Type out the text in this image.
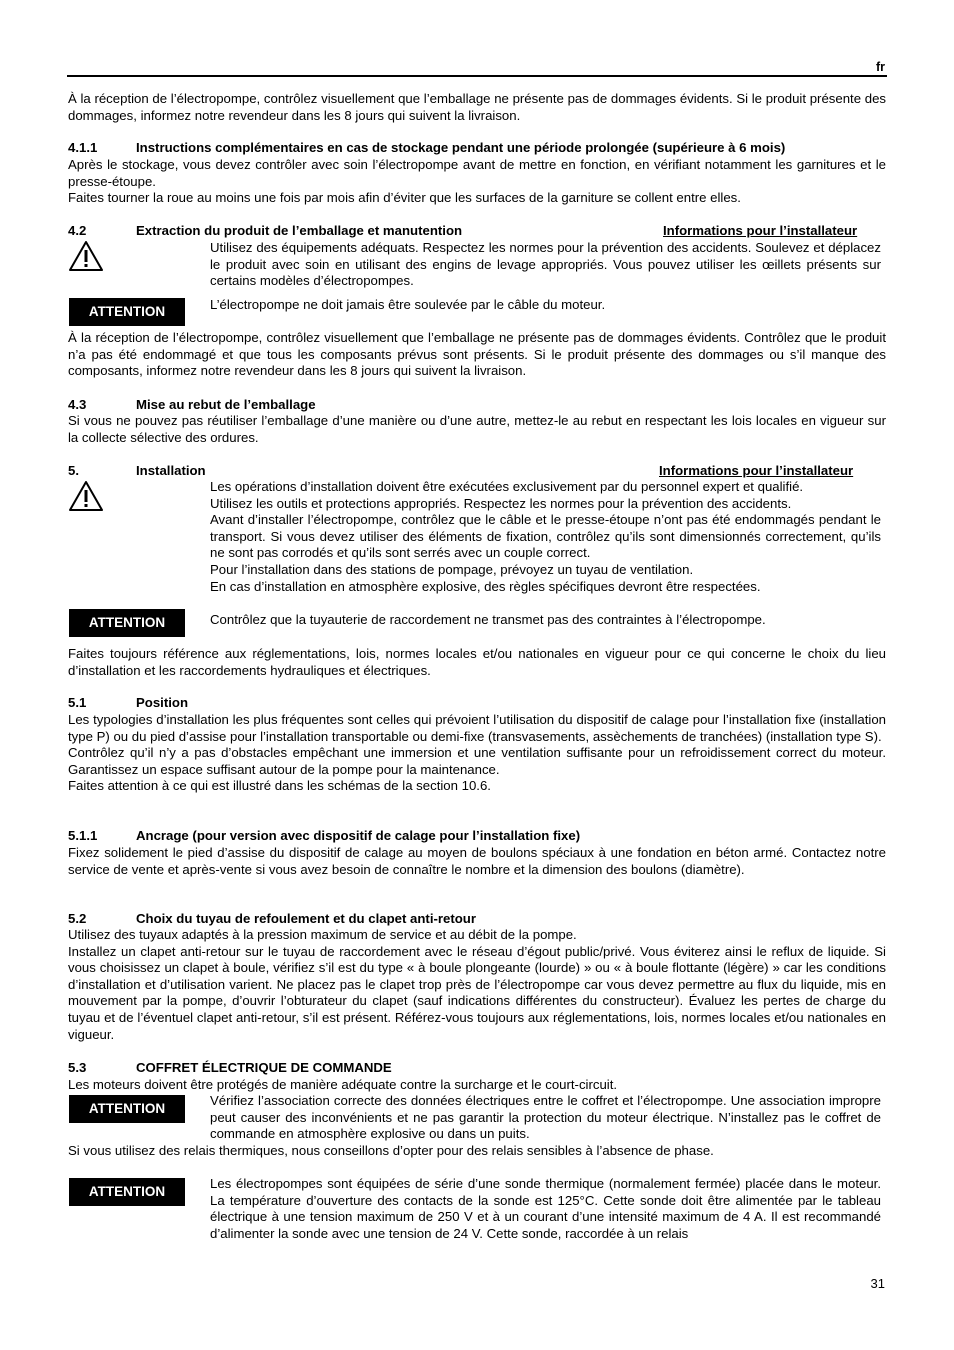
fr
À la réception de l’électropompe, contrôlez visuellement que l’emballage ne présente pas de dommages évidents. Si le produit présente des dommages, informez notre revendeur dans les 8 jours qui suivent la livraison.
4.1.1	Instructions complémentaires en cas de stockage pendant une période prolongée (supérieure à 6 mois)
Après le stockage, vous devez contrôler avec soin l’électropompe avant de mettre en fonction, en vérifiant notamment les garnitures et le presse-étoupe.
Faites tourner la roue au moins une fois par mois afin d’éviter que les surfaces de la garniture se collent entre elles.
4.2	Extraction du produit de l’emballage et manutention	Informations pour l’installateur
Utilisez des équipements adéquats. Respectez les normes pour la prévention des accidents. Soulevez et déplacez le produit avec soin en utilisant des engins de levage appropriés. Vous pouvez utiliser les œillets présents sur certains modèles d’électropompes.
ATTENTION	L’électropompe ne doit jamais être soulevée par le câble du moteur.
À la réception de l’électropompe, contrôlez visuellement que l’emballage ne présente pas de dommages évidents. Contrôlez que le produit n’a pas été endommagé et que tous les composants prévus sont présents. Si le produit présente des dommages ou s’il manque des composants, informez notre revendeur dans les 8 jours qui suivent la livraison.
4.3	Mise au rebut de l’emballage
Si vous ne pouvez pas réutiliser l’emballage d’une manière ou d’une autre, mettez-le au rebut en respectant les lois locales en vigueur sur la collecte sélective des ordures.
5.	Installation	Informations pour l’installateur
Les opérations d’installation doivent être exécutées exclusivement par du personnel expert et qualifié.
Utilisez les outils et protections appropriés. Respectez les normes pour la prévention des accidents.
Avant d’installer l’électropompe, contrôlez que le câble et le presse-étoupe n’ont pas été endommagés pendant le transport. Si vous devez utiliser des éléments de fixation, contrôlez qu’ils sont dimensionnés correctement, qu’ils ne sont pas corrodés et qu’ils sont serrés avec un couple correct.
Pour l’installation dans des stations de pompage, prévoyez un tuyau de ventilation.
En cas d’installation en atmosphère explosive, des règles spécifiques devront être respectées.
ATTENTION	Contrôlez que la tuyauterie de raccordement ne transmet pas des contraintes à l’électropompe.
Faites toujours référence aux réglementations, lois, normes locales et/ou nationales en vigueur pour ce qui concerne le choix du lieu d’installation et les raccordements hydrauliques et électriques.
5.1	Position
Les typologies d’installation les plus fréquentes sont celles qui prévoient l’utilisation du dispositif de calage pour l’installation fixe (installation type P) ou du pied d’assise pour l’installation transportable ou demi-fixe (transvasements, assèchements de tranchées) (installation type S).
Contrôlez qu’il n’y a pas d’obstacles empêchant une immersion et une ventilation suffisante pour un refroidissement correct du moteur. Garantissez un espace suffisant autour de la pompe pour la maintenance.
Faites attention à ce qui est illustré dans les schémas de la section 10.6.
5.1.1	Ancrage (pour version avec dispositif de calage pour l’installation fixe)
Fixez solidement le pied d’assise du dispositif de calage au moyen de boulons spéciaux à une fondation en béton armé. Contactez notre service de vente et après-vente si vous avez besoin de connaître le nombre et la dimension des boulons (diamètre).
5.2	Choix du tuyau de refoulement et du clapet anti-retour
Utilisez des tuyaux adaptés à la pression maximum de service et au débit de la pompe.
Installez un clapet anti-retour sur le tuyau de raccordement avec le réseau d’égout public/privé. Vous éviterez ainsi le reflux de liquide. Si vous choisissez un clapet à boule, vérifiez s’il est du type « à boule plongeante (lourde) » ou « à boule flottante (légère) » car les conditions d’installation et d’utilisation varient. Ne placez pas le clapet trop près de l’électropompe car vous devez permettre au flux du liquide, mis en mouvement par la pompe, d’ouvrir l’obturateur du clapet (sauf indications différentes du constructeur). Évaluez les pertes de charge du tuyau et de l’éventuel clapet anti-retour, s’il est présent. Référez-vous toujours aux réglementations, lois, normes locales et/ou nationales en vigueur.
5.3	COFFRET ÉLECTRIQUE DE COMMANDE
Les moteurs doivent être protégés de manière adéquate contre la surcharge et le court-circuit.
ATTENTION
Vérifiez l’association correcte des données électriques entre le coffret et l’électropompe. Une association impropre peut causer des inconvénients et ne pas garantir la protection du moteur électrique. N’installez pas le coffret de commande en atmosphère explosive ou dans un puits.
Si vous utilisez des relais thermiques, nous conseillons d’opter pour des relais sensibles à l’absence de phase.
ATTENTION
Les électropompes sont équipées de série d’une sonde thermique (normalement fermée) placée dans le moteur. La température d’ouverture des contacts de la sonde est 125°C. Cette sonde doit être alimentée par le tableau électrique à une tension maximum de 250 V et à un courant d’une intensité maximum de 4 A. Il est recommandé d’alimenter la sonde avec une tension de 24 V. Cette sonde, raccordée à un relais
31
